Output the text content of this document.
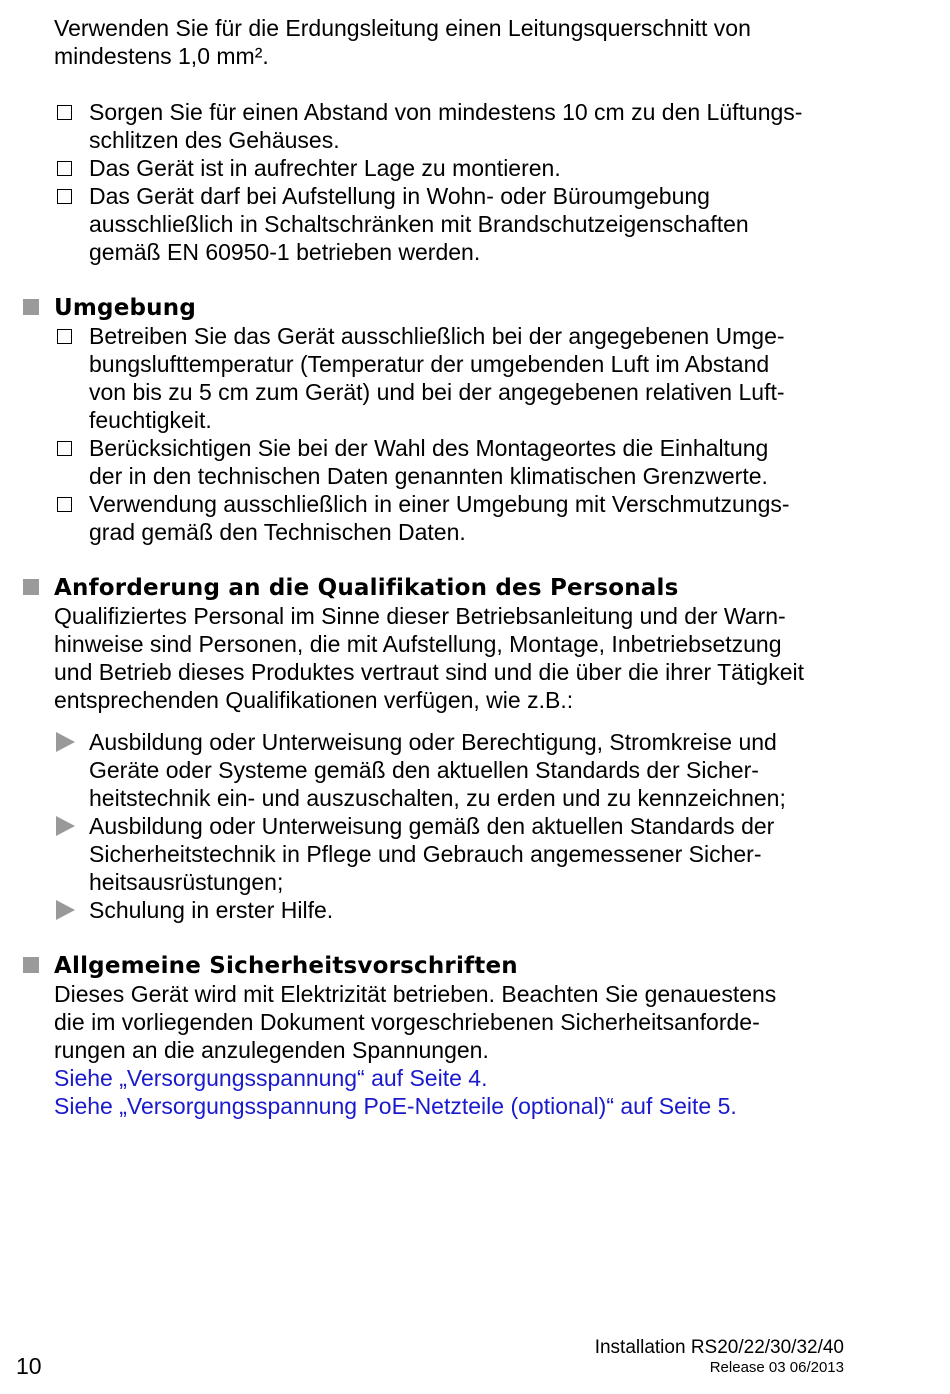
Verwenden Sie für die Erdungsleitung einen Leitungsquerschnitt von
mindestens 1,0 mm².
Sorgen Sie für einen Abstand von mindestens 10 cm zu den Lüftungs-
schlitzen des Gehäuses.
Das Gerät ist in aufrechter Lage zu montieren.
Das Gerät darf bei Aufstellung in Wohn- oder Büroumgebung
ausschließlich in Schaltschränken mit Brandschutzeigenschaften
gemäß EN 60950-1 betrieben werden.
Umgebung
Betreiben Sie das Gerät ausschließlich bei der angegebenen Umge-
bungslufttemperatur (Temperatur der umgebenden Luft im Abstand
von bis zu 5 cm zum Gerät) und bei der angegebenen relativen Luft-
feuchtigkeit.
Berücksichtigen Sie bei der Wahl des Montageortes die Einhaltung
der in den technischen Daten genannten klimatischen Grenzwerte.
Verwendung ausschließlich in einer Umgebung mit Verschmutzungs-
grad gemäß den Technischen Daten.
Anforderung an die Qualifikation des Personals
Qualifiziertes Personal im Sinne dieser Betriebsanleitung und der Warn-
hinweise sind Personen, die mit Aufstellung, Montage, Inbetriebsetzung
und Betrieb dieses Produktes vertraut sind und die über die ihrer Tätigkeit
entsprechenden Qualifikationen verfügen, wie z.B.:
Ausbildung oder Unterweisung oder Berechtigung, Stromkreise und
Geräte oder Systeme gemäß den aktuellen Standards der Sicher-
heitstechnik ein- und auszuschalten, zu erden und zu kennzeichnen;
Ausbildung oder Unterweisung gemäß den aktuellen Standards der
Sicherheitstechnik in Pflege und Gebrauch angemessener Sicher-
heitsausrüstungen;
Schulung in erster Hilfe.
Allgemeine Sicherheitsvorschriften
Dieses Gerät wird mit Elektrizität betrieben. Beachten Sie genauestens
die im vorliegenden Dokument vorgeschriebenen Sicherheitsanforde-
rungen an die anzulegenden Spannungen.
Siehe „Versorgungsspannung“ auf Seite 4.
Siehe „Versorgungsspannung PoE-Netzteile (optional)“ auf Seite 5.
10
Installation RS20/22/30/32/40
Release 03 06/2013
